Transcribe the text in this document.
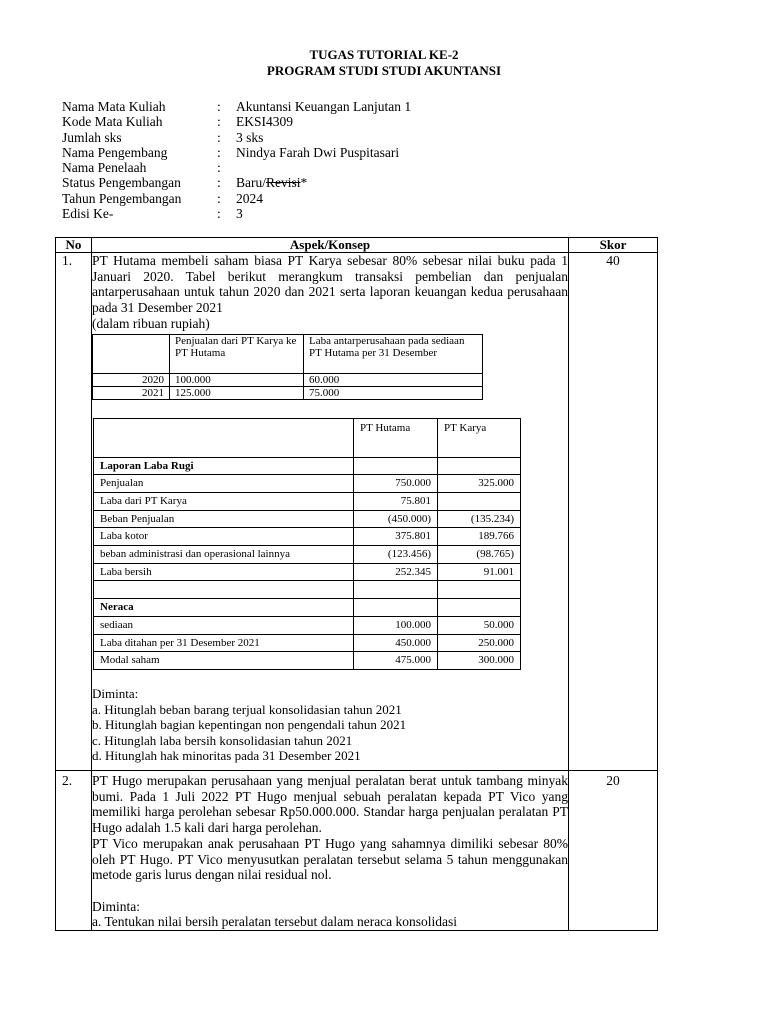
TUGAS TUTORIAL KE-2
PROGRAM STUDI STUDI AKUNTANSI
Nama Mata Kuliah	:	Akuntansi Keuangan Lanjutan 1
Kode Mata Kuliah	:	EKSI4309
Jumlah sks	:	3 sks
Nama Pengembang	:	Nindya Farah Dwi Puspitasari
Nama Penelaah	:
Status Pengembangan	:	Baru/Revisi*
Tahun Pengembangan	:	2024
Edisi Ke-	:	3
No	Aspek/Konsep	Skor
1.	PT Hutama membeli saham biasa PT Karya sebesar 80% sebesar nilai buku pada 1 Januari 2020. Tabel berikut merangkum transaksi pembelian dan penjualan antarperusahaan untuk tahun 2020 dan 2021 serta laporan keuangan kedua perusahaan pada 31 Desember 2021

(dalam ribuan rupiah)

	Penjualan dari PT Karya ke PT Hutama	Laba antarperusahaan pada sediaan PT Hutama per 31 Desember
2020	100.000	60.000
2021	125.000	75.000
	PT Hutama	PT Karya
Laporan Laba Rugi		
Penjualan	750.000	325.000
Laba dari PT Karya	75.801	
Beban Penjualan	(450.000)	(135.234)
Laba kotor	375.801	189.766
beban administrasi dan operasional lainnya	(123.456)	(98.765)
Laba bersih	252.345	91.001

Neraca		
sediaan	100.000	50.000
Laba ditahan per 31 Desember 2021	450.000	250.000
Modal saham	475.000	300.000
Diminta:
a. Hitunglah beban barang terjual konsolidasian tahun 2021
b. Hitunglah bagian kepentingan non pengendali tahun 2021
c. Hitunglah laba bersih konsolidasian tahun 2021
d. Hitunglah hak minoritas pada 31 Desember 2021
	40
2.	PT Hugo merupakan perusahaan yang menjual peralatan berat untuk tambang minyak bumi. Pada 1 Juli 2022 PT Hugo menjual sebuah peralatan kepada PT Vico yang memiliki harga perolehan sebesar Rp50.000.000. Standar harga penjualan peralatan PT Hugo adalah 1.5 kali dari harga perolehan.

PT Vico merupakan anak perusahaan PT Hugo yang sahamnya dimiliki sebesar 80% oleh PT Hugo. PT Vico menyusutkan peralatan tersebut selama 5 tahun menggunakan metode garis lurus dengan nilai residual nol.

Diminta:

a. Tentukan nilai bersih peralatan tersebut dalam neraca konsolidasi

	20
